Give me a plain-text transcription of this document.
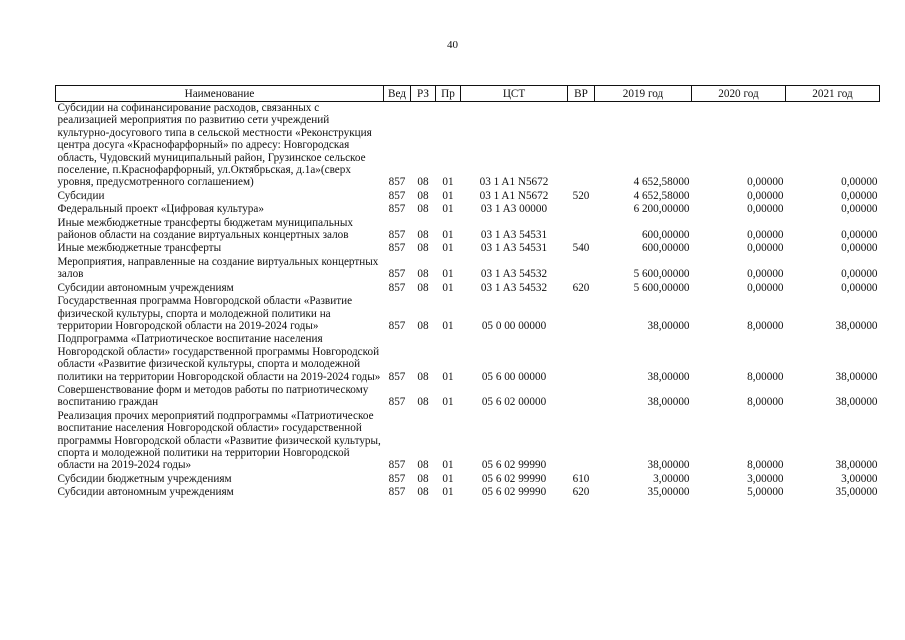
40
Наименование	Вед	РЗ	Пр	ЦСТ	ВР	2019 год	2020 год	2021 год
Субсидии на софинансирование расходов, связанных с реализацией мероприятия по развитию сети учреждений культурно-досугового типа в сельской местности «Реконструкция центра досуга «Краснофарфорный» по адресу: Новгородская область, Чудовский муниципальный район, Грузинское сельское поселение, п.Краснофарфорный, ул.Октябрьская, д.1а»(сверх уровня, предусмотренного соглашением)	857	08	01	03 1 A1 N5672		4 652,58000	0,00000	0,00000
Субсидии	857	08	01	03 1 A1 N5672	520	4 652,58000	0,00000	0,00000
Федеральный проект «Цифровая культура»	857	08	01	03 1 A3 00000		6 200,00000	0,00000	0,00000
Иные межбюджетные трансферты бюджетам муниципальных районов области на создание виртуальных концертных залов	857	08	01	03 1 A3 54531		600,00000	0,00000	0,00000
Иные межбюджетные трансферты	857	08	01	03 1 A3 54531	540	600,00000	0,00000	0,00000
Мероприятия, направленные на создание виртуальных концертных залов	857	08	01	03 1 A3 54532		5 600,00000	0,00000	0,00000
Субсидии автономным учреждениям	857	08	01	03 1 A3 54532	620	5 600,00000	0,00000	0,00000
Государственная программа Новгородской области «Развитие физической культуры, спорта и молодежной политики на территории Новгородской области на 2019-2024 годы»	857	08	01	05 0 00 00000		38,00000	8,00000	38,00000
Подпрограмма «Патриотическое воспитание населения Новгородской области» государственной программы Новгородской области «Развитие физической культуры, спорта и молодежной политики на территории Новгородской области на 2019-2024 годы»	857	08	01	05 6 00 00000		38,00000	8,00000	38,00000
Совершенствование форм и методов работы по патриотическому воспитанию граждан	857	08	01	05 6 02 00000		38,00000	8,00000	38,00000
Реализация прочих мероприятий подпрограммы «Патриотическое воспитание населения Новгородской области» государственной программы Новгородской области «Развитие физической культуры, спорта и молодежной политики на территории Новгородской области на 2019-2024 годы»	857	08	01	05 6 02 99990		38,00000	8,00000	38,00000
Субсидии бюджетным учреждениям	857	08	01	05 6 02 99990	610	3,00000	3,00000	3,00000
Субсидии автономным учреждениям	857	08	01	05 6 02 99990	620	35,00000	5,00000	35,00000
